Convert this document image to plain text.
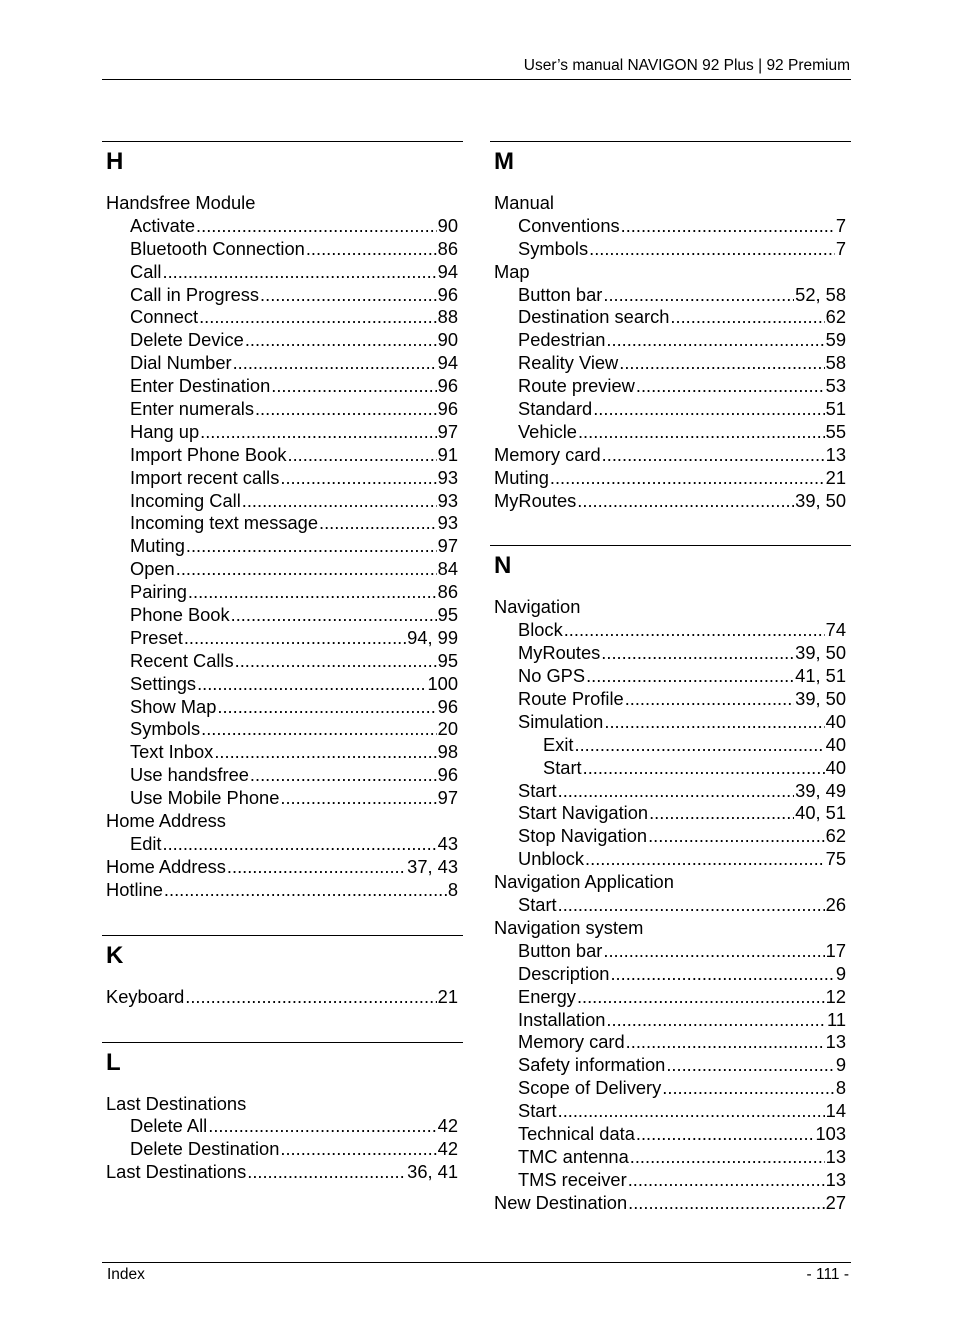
User’s manual NAVIGON 92 Plus | 92 Premium
H
Handsfree Module
Activate .....	90
Bluetooth Connection .....	86
Call .....	94
Call in Progress .....	96
Connect .....	88
Delete Device .....	90
Dial Number .....	94
Enter Destination .....	96
Enter numerals .....	96
Hang up .....	97
Import Phone Book .....	91
Import recent calls .....	93
Incoming Call .....	93
Incoming text message .....	93
Muting .....	97
Open .....	84
Pairing .....	86
Phone Book .....	95
Preset .....	94, 99
Recent Calls .....	95
Settings .....	100
Show Map .....	96
Symbols .....	20
Text Inbox .....	98
Use handsfree .....	96
Use Mobile Phone .....	97
Home Address
Edit .....	43
Home Address .....	37, 43
Hotline .....	8
K
Keyboard .....	21
L
Last Destinations
Delete All .....	42
Delete Destination .....	42
Last Destinations .....	36, 41
M
Manual
Conventions .....	7
Symbols .....	7
Map
Button bar .....	52, 58
Destination search .....	62
Pedestrian .....	59
Reality View .....	58
Route preview .....	53
Standard .....	51
Vehicle .....	55
Memory card .....	13
Muting .....	21
MyRoutes .....	39, 50
N
Navigation
Block .....	74
MyRoutes .....	39, 50
No GPS .....	41, 51
Route Profile .....	39, 50
Simulation .....	40
Exit .....	40
Start .....	40
Start .....	39, 49
Start Navigation .....	40, 51
Stop Navigation .....	62
Unblock .....	75
Navigation Application
Start .....	26
Navigation system
Button bar .....	17
Description .....	9
Energy .....	12
Installation .....	11
Memory card .....	13
Safety information .....	9
Scope of Delivery .....	8
Start .....	14
Technical data .....	103
TMC antenna .....	13
TMS receiver .....	13
New Destination .....	27
Index	- 111 -
